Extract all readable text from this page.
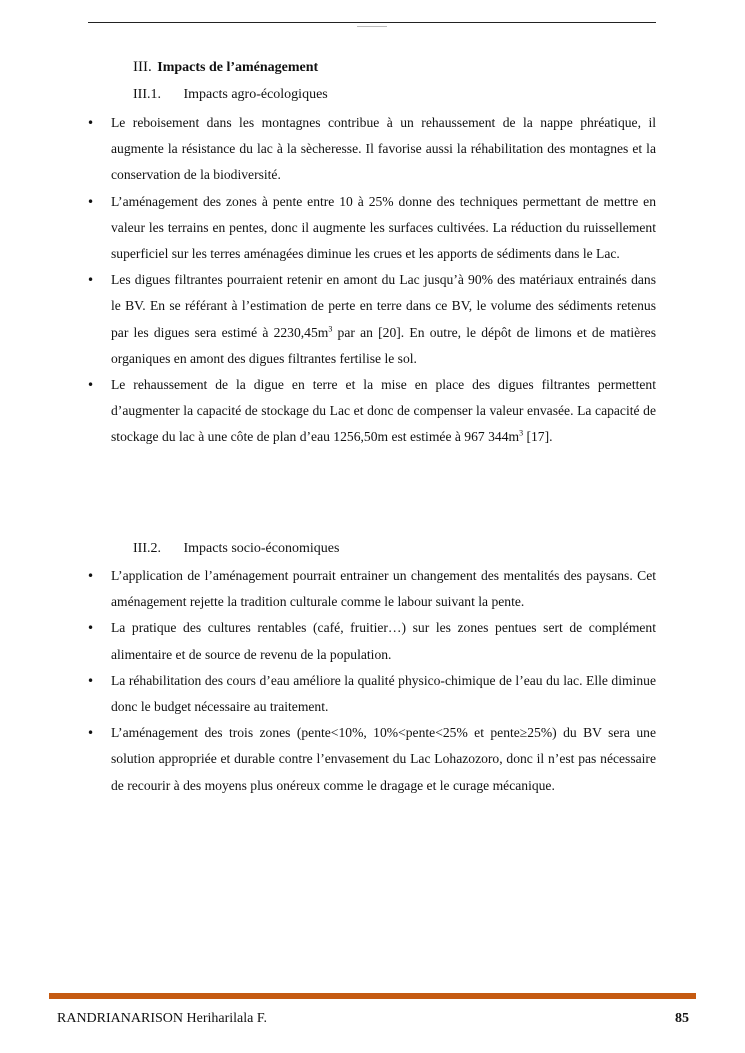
III. Impacts de l’aménagement
III.1. Impacts agro-écologiques
• Le reboisement dans les montagnes contribue à un rehaussement de la nappe phréatique, il augmente la résistance du lac à la sècheresse. Il favorise aussi la réhabilitation des montagnes et la conservation de la biodiversité.
• L’aménagement des zones à pente entre 10 à 25% donne des techniques permettant de mettre en valeur les terrains en pentes, donc il augmente les surfaces cultivées. La réduction du ruissellement superficiel sur les terres aménagées diminue les crues et les apports de sédiments dans le Lac.
• Les digues filtrantes pourraient retenir en amont du Lac jusqu’à 90% des matériaux entrainés dans le BV. En se référant à l’estimation de perte en terre dans ce BV, le volume des sédiments retenus par les digues sera estimé à $2230,45m^3$ par an [20]. En outre, le dépôt de limons et de matières organiques en amont des digues filtrantes fertilise le sol.
• Le rehaussement de la digue en terre et la mise en place des digues filtrantes permettent d’augmenter la capacité de stockage du Lac et donc de compenser la valeur envasée. La capacité de stockage du lac à une côte de plan d’eau 1256,50m est estimée à 967 $344m^3$ [17].
III.2. Impacts socio-économiques
• L’application de l’aménagement pourrait entrainer un changement des mentalités des paysans. Cet aménagement rejette la tradition culturale comme le labour suivant la pente.
• La pratique des cultures rentables (café, fruitier…) sur les zones pentues sert de complément alimentaire et de source de revenu de la population.
• La réhabilitation des cours d’eau améliore la qualité physico-chimique de l’eau du lac. Elle diminue donc le budget nécessaire au traitement.
• L’aménagement des trois zones (pente<10%, 10%<pente<25% et pente≥25%) du BV sera une solution appropriée et durable contre l’envasement du Lac Lohazozoro, donc il n’est pas nécessaire de recourir à des moyens plus onéreux comme le dragage et le curage mécanique.
RANDRIANARISON Heriharilala F.	85
